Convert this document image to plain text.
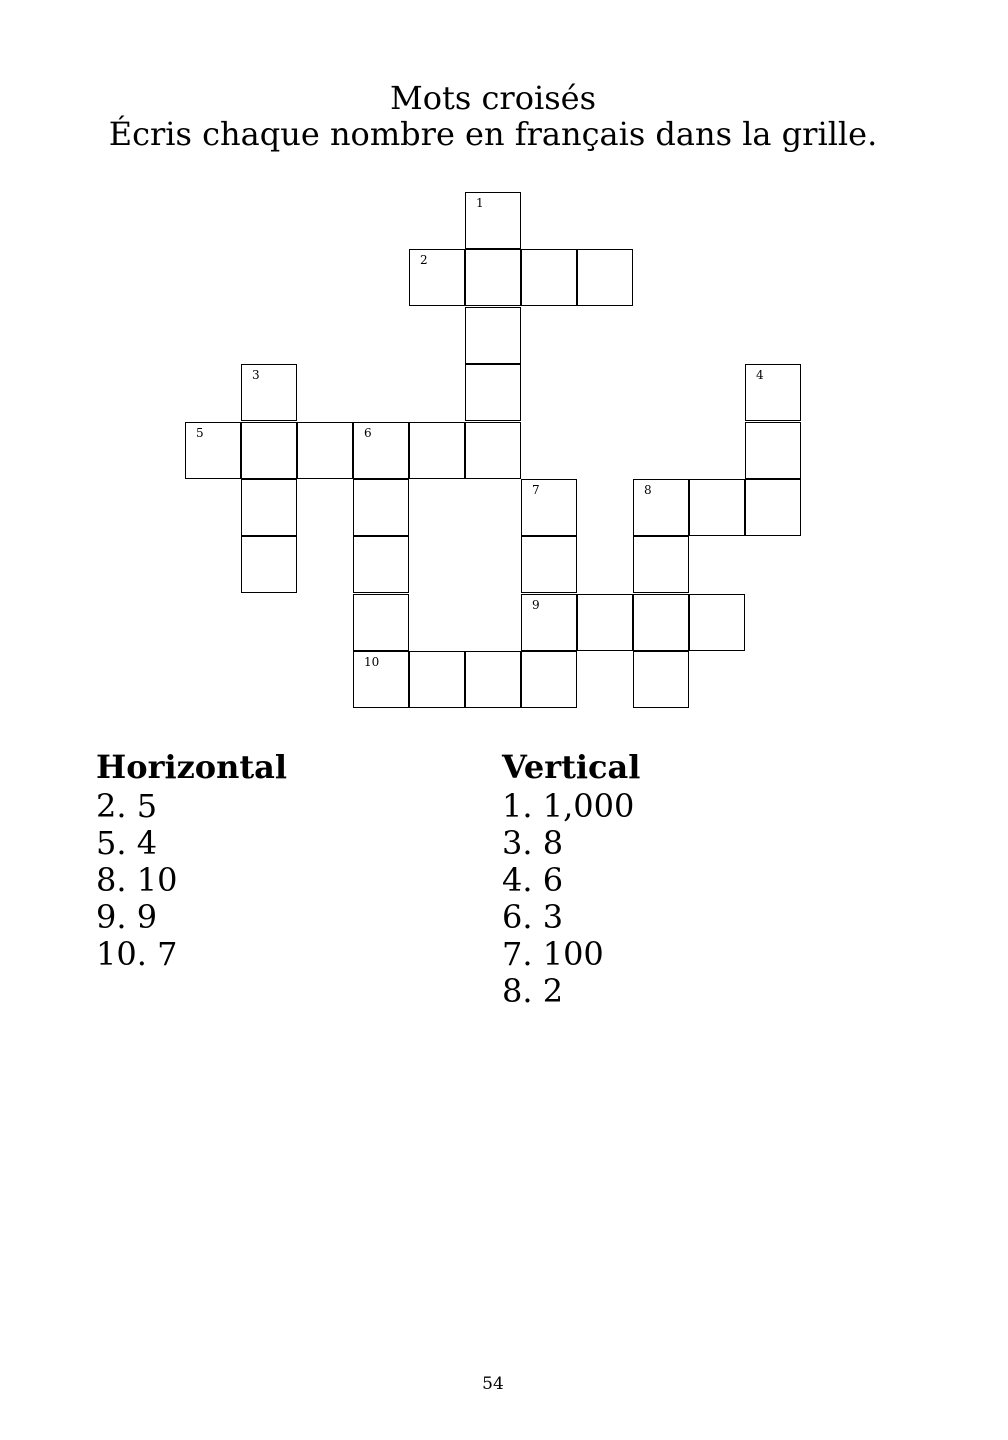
Mots croisés
Écris chaque nombre en français dans la grille.
1
2
3	4
5	6
7	8
9
10
Horizontal
2. 5
5. 4
8. 10
9. 9
10. 7
Vertical
1. 1,000
3. 8
4. 6
6. 3
7. 100
8. 2
54
